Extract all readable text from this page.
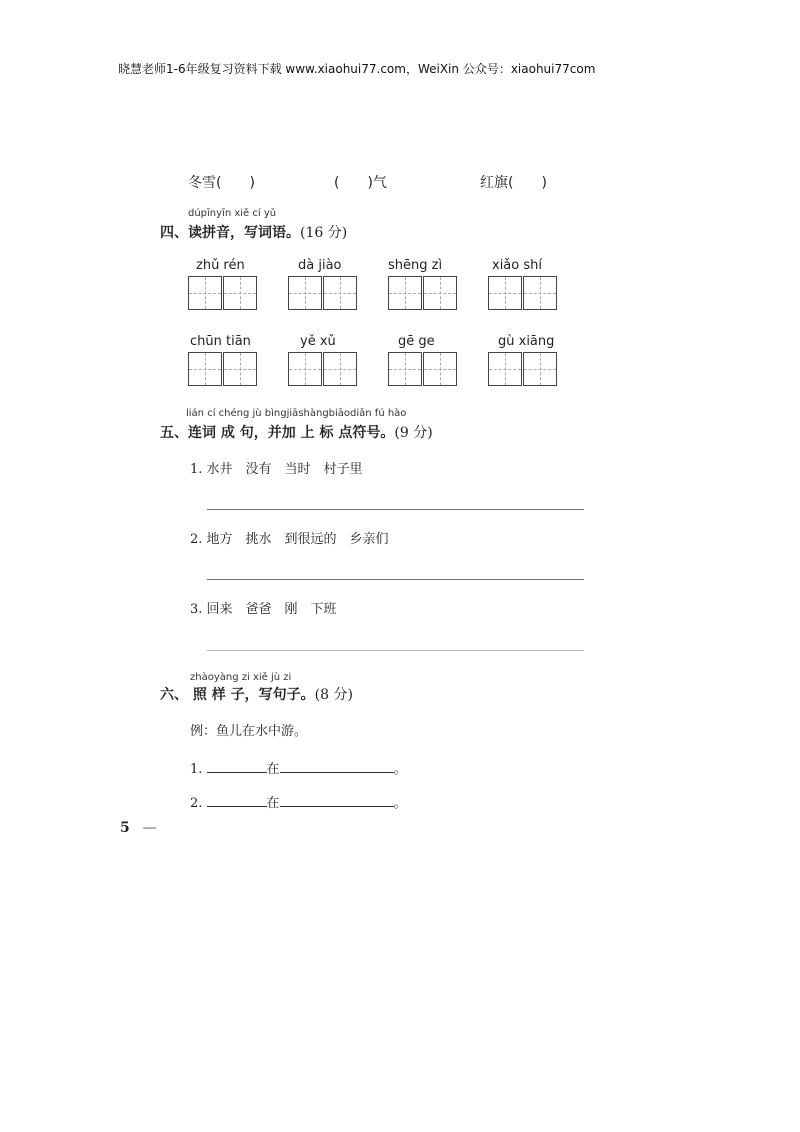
晓慧老师1-6年级复习资料下载 www.xiaohui77.com，WeiXin 公众号：xiaohui77com
冬雪(　　)	(　　)气	红旗(　　)
dúpīnyīn xiě cí yǔ
四、读拼音，写词语。(16 分)
zhǔ rén	dà jiào	shēng zì	xiǎo shí
chūn tiān	yě xǔ	gē ge	gù xiāng
lián cí chéng jù bìngjiāshàngbiāodiǎn fú hào
五、连词 成 句，并加 上 标 点符号。(9 分)
1. 水井　没有　当时　村子里
2. 地方　挑水　到很远的　乡亲们
3. 回来　爸爸　刚　下班
zhàoyàng zi xiě jù zi
六、 照 样 子，写句子。(8 分)
例：鱼儿在水中游。
1.	在	。
2.	在	。
5 —
